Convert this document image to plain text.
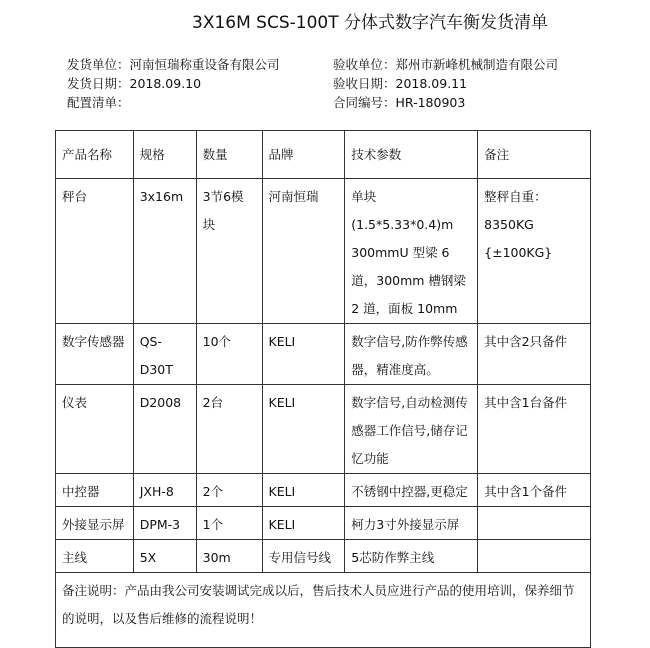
3X16M SCS-100T 分体式数字汽车衡发货清单
发货单位：河南恒瑞称重设备有限公司	验收单位：郑州市新峰机械制造有限公司
发货日期：2018.09.10	验收日期：2018.09.11
配置清单：	合同编号：HR-180903
产品名称	规格	数量	品牌	技术参数	备注
秤台	3x16m	3节6模块	河南恒瑞	单块(1.5*5.33*0.4)m 300mmU 型梁 6 道，300mm 槽钢梁 2 道，面板 10mm	整秤自重：8350KG {±100KG}
数字传感器	QS-D30T	10个	KELI	数字信号,防作弊传感器，精准度高。	其中含2只备件
仪表	D2008	2台	KELI	数字信号,自动检测传感器工作信号,储存记忆功能	其中含1台备件
中控器	JXH-8	2个	KELI	不锈钢中控器,更稳定	其中含1个备件
外接显示屏	DPM-3	1个	KELI	柯力3寸外接显示屏	
主线	5X	30m	专用信号线	5芯防作弊主线	
备注说明：产品由我公司安装调试完成以后，售后技术人员应进行产品的使用培训，保养细节的说明，以及售后维修的流程说明！					
